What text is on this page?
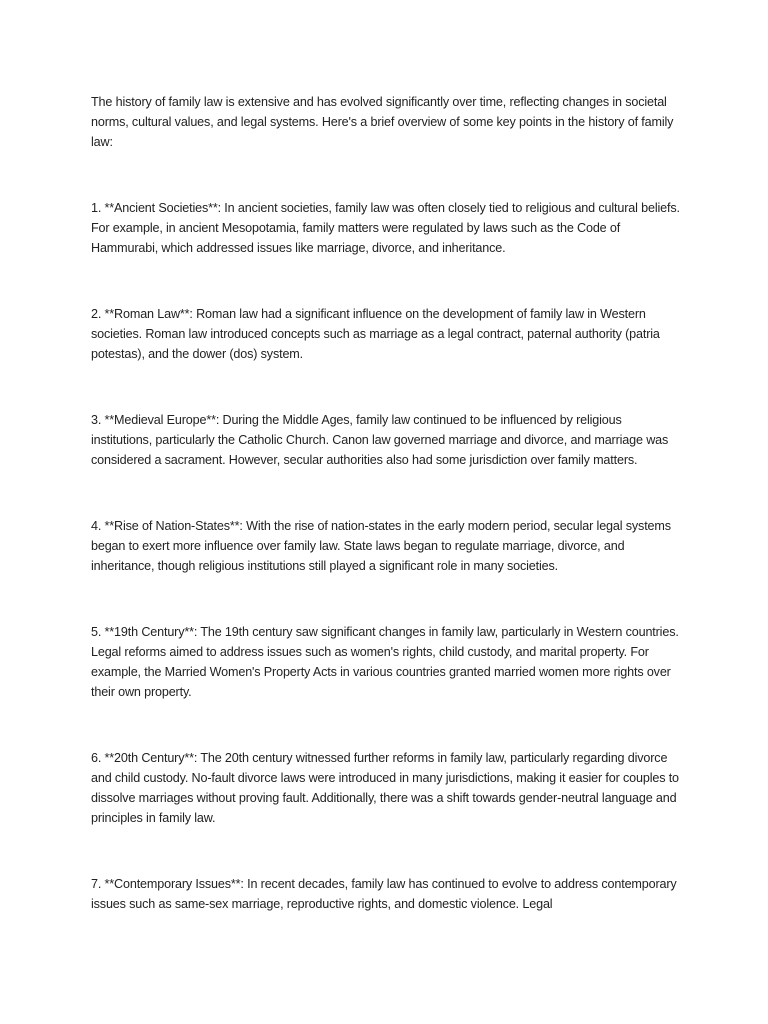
The history of family law is extensive and has evolved significantly over time, reflecting changes in societal norms, cultural values, and legal systems. Here's a brief overview of some key points in the history of family law:

1. **Ancient Societies**: In ancient societies, family law was often closely tied to religious and cultural beliefs. For example, in ancient Mesopotamia, family matters were regulated by laws such as the Code of Hammurabi, which addressed issues like marriage, divorce, and inheritance.

2. **Roman Law**: Roman law had a significant influence on the development of family law in Western societies. Roman law introduced concepts such as marriage as a legal contract, paternal authority (patria potestas), and the dower (dos) system.

3. **Medieval Europe**: During the Middle Ages, family law continued to be influenced by religious institutions, particularly the Catholic Church. Canon law governed marriage and divorce, and marriage was considered a sacrament. However, secular authorities also had some jurisdiction over family matters.

4. **Rise of Nation-States**: With the rise of nation-states in the early modern period, secular legal systems began to exert more influence over family law. State laws began to regulate marriage, divorce, and inheritance, though religious institutions still played a significant role in many societies.

5. **19th Century**: The 19th century saw significant changes in family law, particularly in Western countries. Legal reforms aimed to address issues such as women's rights, child custody, and marital property. For example, the Married Women's Property Acts in various countries granted married women more rights over their own property.

6. **20th Century**: The 20th century witnessed further reforms in family law, particularly regarding divorce and child custody. No-fault divorce laws were introduced in many jurisdictions, making it easier for couples to dissolve marriages without proving fault. Additionally, there was a shift towards gender-neutral language and principles in family law.

7. **Contemporary Issues**: In recent decades, family law has continued to evolve to address contemporary issues such as same-sex marriage, reproductive rights, and domestic violence. Legal
